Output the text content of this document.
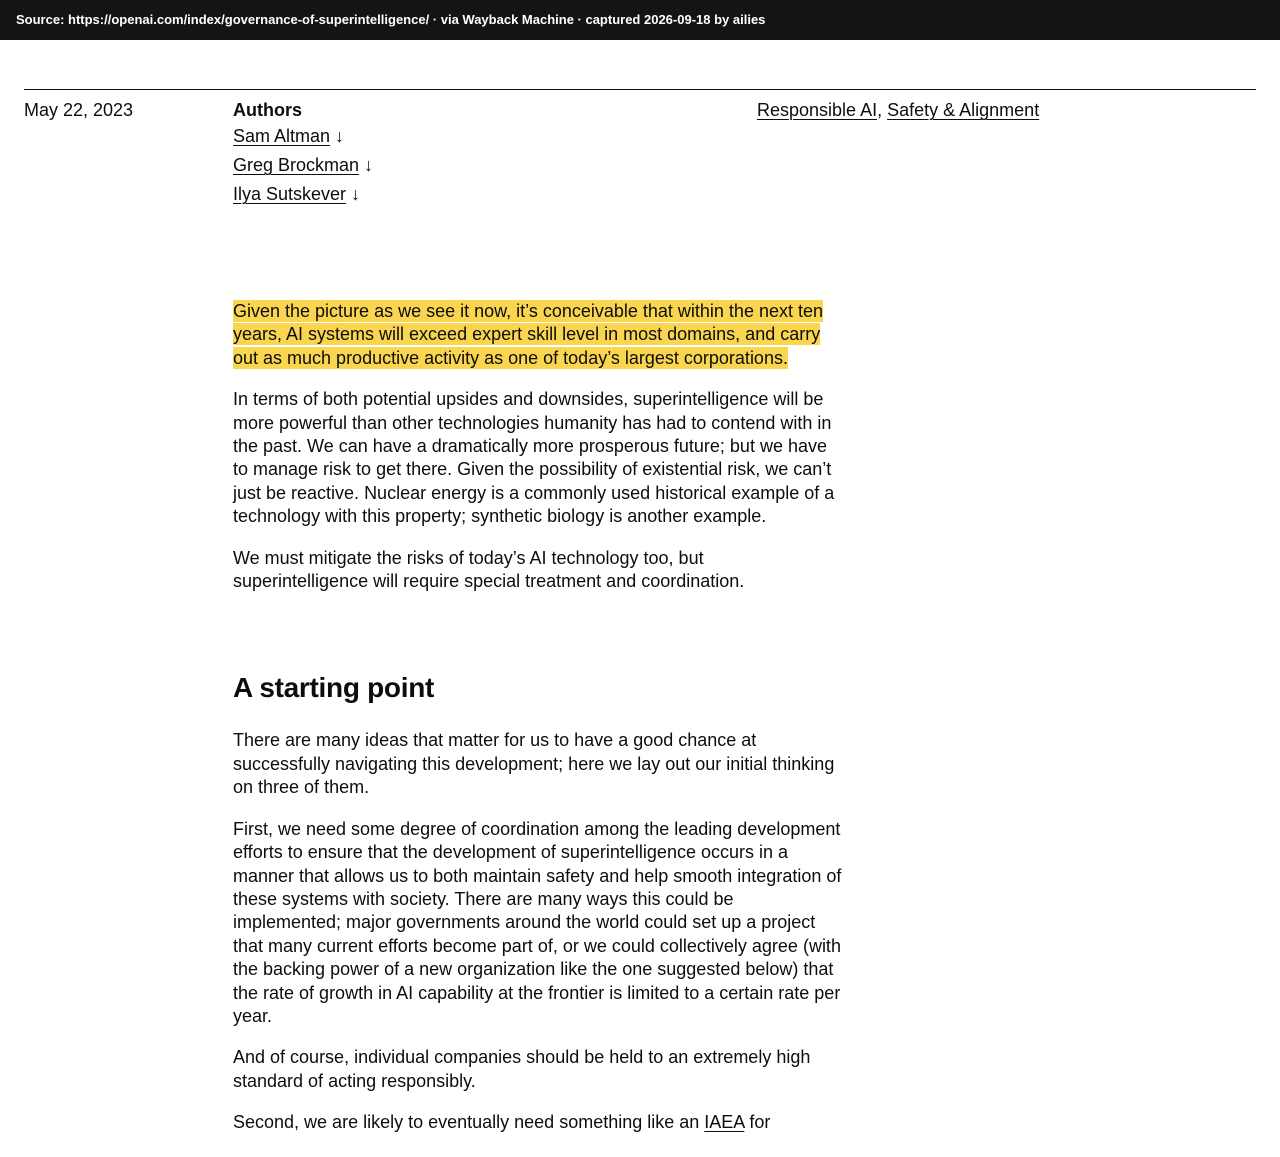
Source: https://openai.com/index/governance-of-superintelligence/ · via Wayback Machine · captured 2026-09-18 by ailies
May 22, 2023	Authors
Sam Altman ↓
Greg Brockman ↓
Ilya Sutskever ↓
Responsible AI, Safety & Alignment

Given the picture as we see it now, it’s conceivable that within the next ten years, AI systems will exceed expert skill level in most domains, and carry out as much productive activity as one of today’s largest corporations.

In terms of both potential upsides and downsides, superintelligence will be more powerful than other technologies humanity has had to contend with in the past. We can have a dramatically more prosperous future; but we have to manage risk to get there. Given the possibility of existential risk, we can’t just be reactive. Nuclear energy is a commonly used historical example of a technology with this property; synthetic biology is another example.

We must mitigate the risks of today’s AI technology too, but superintelligence will require special treatment and coordination.

A starting point

There are many ideas that matter for us to have a good chance at successfully navigating this development; here we lay out our initial thinking on three of them.

First, we need some degree of coordination among the leading development efforts to ensure that the development of superintelligence occurs in a manner that allows us to both maintain safety and help smooth integration of these systems with society. There are many ways this could be implemented; major governments around the world could set up a project that many current efforts become part of, or we could collectively agree (with the backing power of a new organization like the one suggested below) that the rate of growth in AI capability at the frontier is limited to a certain rate per year.

And of course, individual companies should be held to an extremely high standard of acting responsibly.

Second, we are likely to eventually need something like an IAEA for
